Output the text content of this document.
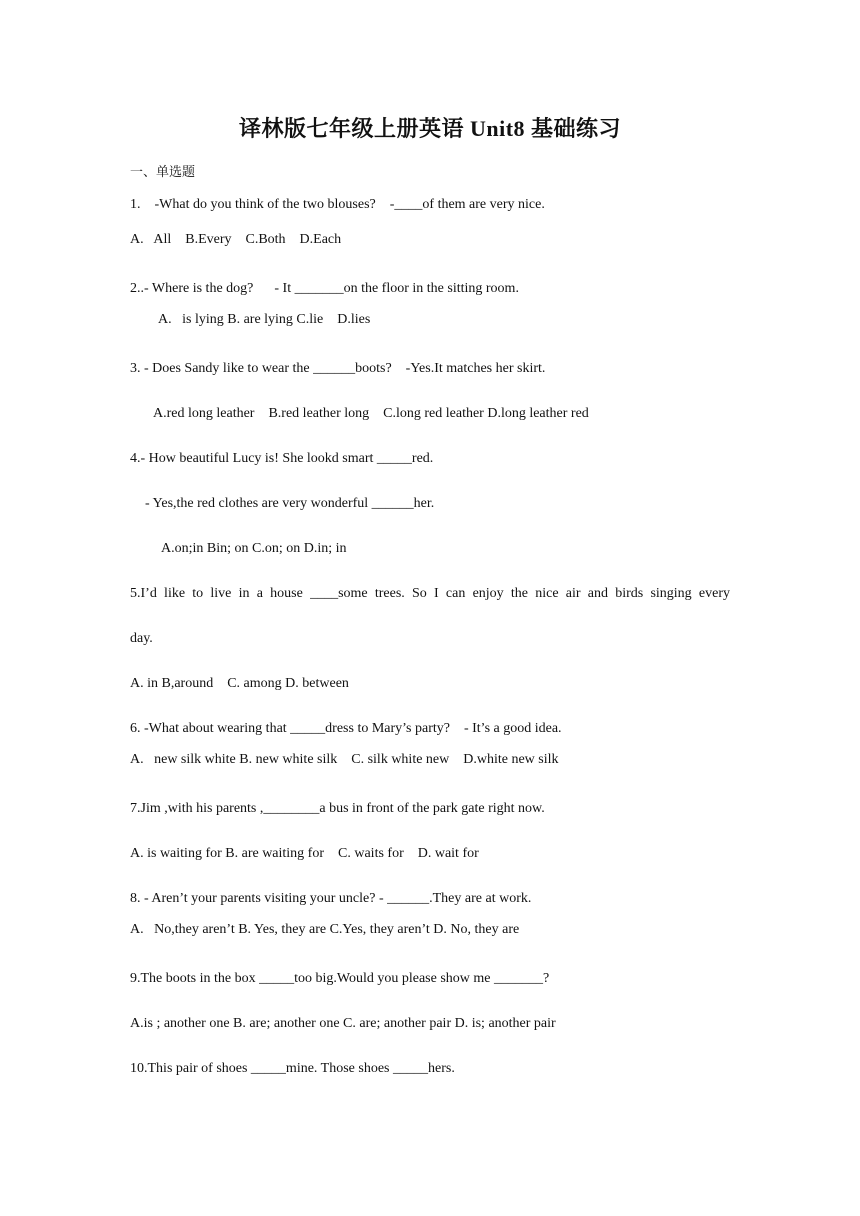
译林版七年级上册英语 Unit8 基础练习
一、单选题
1.    -What do you think of the two blouses?    -____of them are very nice.
A.   All    B.Every    C.Both    D.Each
2..- Where is the dog?      - It _______on the floor in the sitting room.
A.   is lying B. are lying C.lie    D.lies
3. - Does Sandy like to wear the ______boots?    -Yes.It matches her skirt.
A.red long leather    B.red leather long    C.long red leather D.long leather red
4.- How beautiful Lucy is! She lookd smart _____red.
- Yes,the red clothes are very wonderful ______her.
A.on;in Bin; on C.on; on D.in; in
5.I’d like to live in a house ____some trees. So I can enjoy the nice air and birds singing every
day.
A. in B,around    C. among D. between
6. -What about wearing that _____dress to Mary’s party?    - It’s a good idea.
A.   new silk white B. new white silk    C. silk white new    D.white new silk
7.Jim ,with his parents ,________a bus in front of the park gate right now.
A. is waiting for B. are waiting for    C. waits for    D. wait for
8. - Aren’t your parents visiting your uncle? - ______.They are at work.
A.   No,they aren’t B. Yes, they are C.Yes, they aren’t D. No, they are
9.The boots in the box _____too big.Would you please show me _______?
A.is ; another one B. are; another one C. are; another pair D. is; another pair
10.This pair of shoes _____mine. Those shoes _____hers.
